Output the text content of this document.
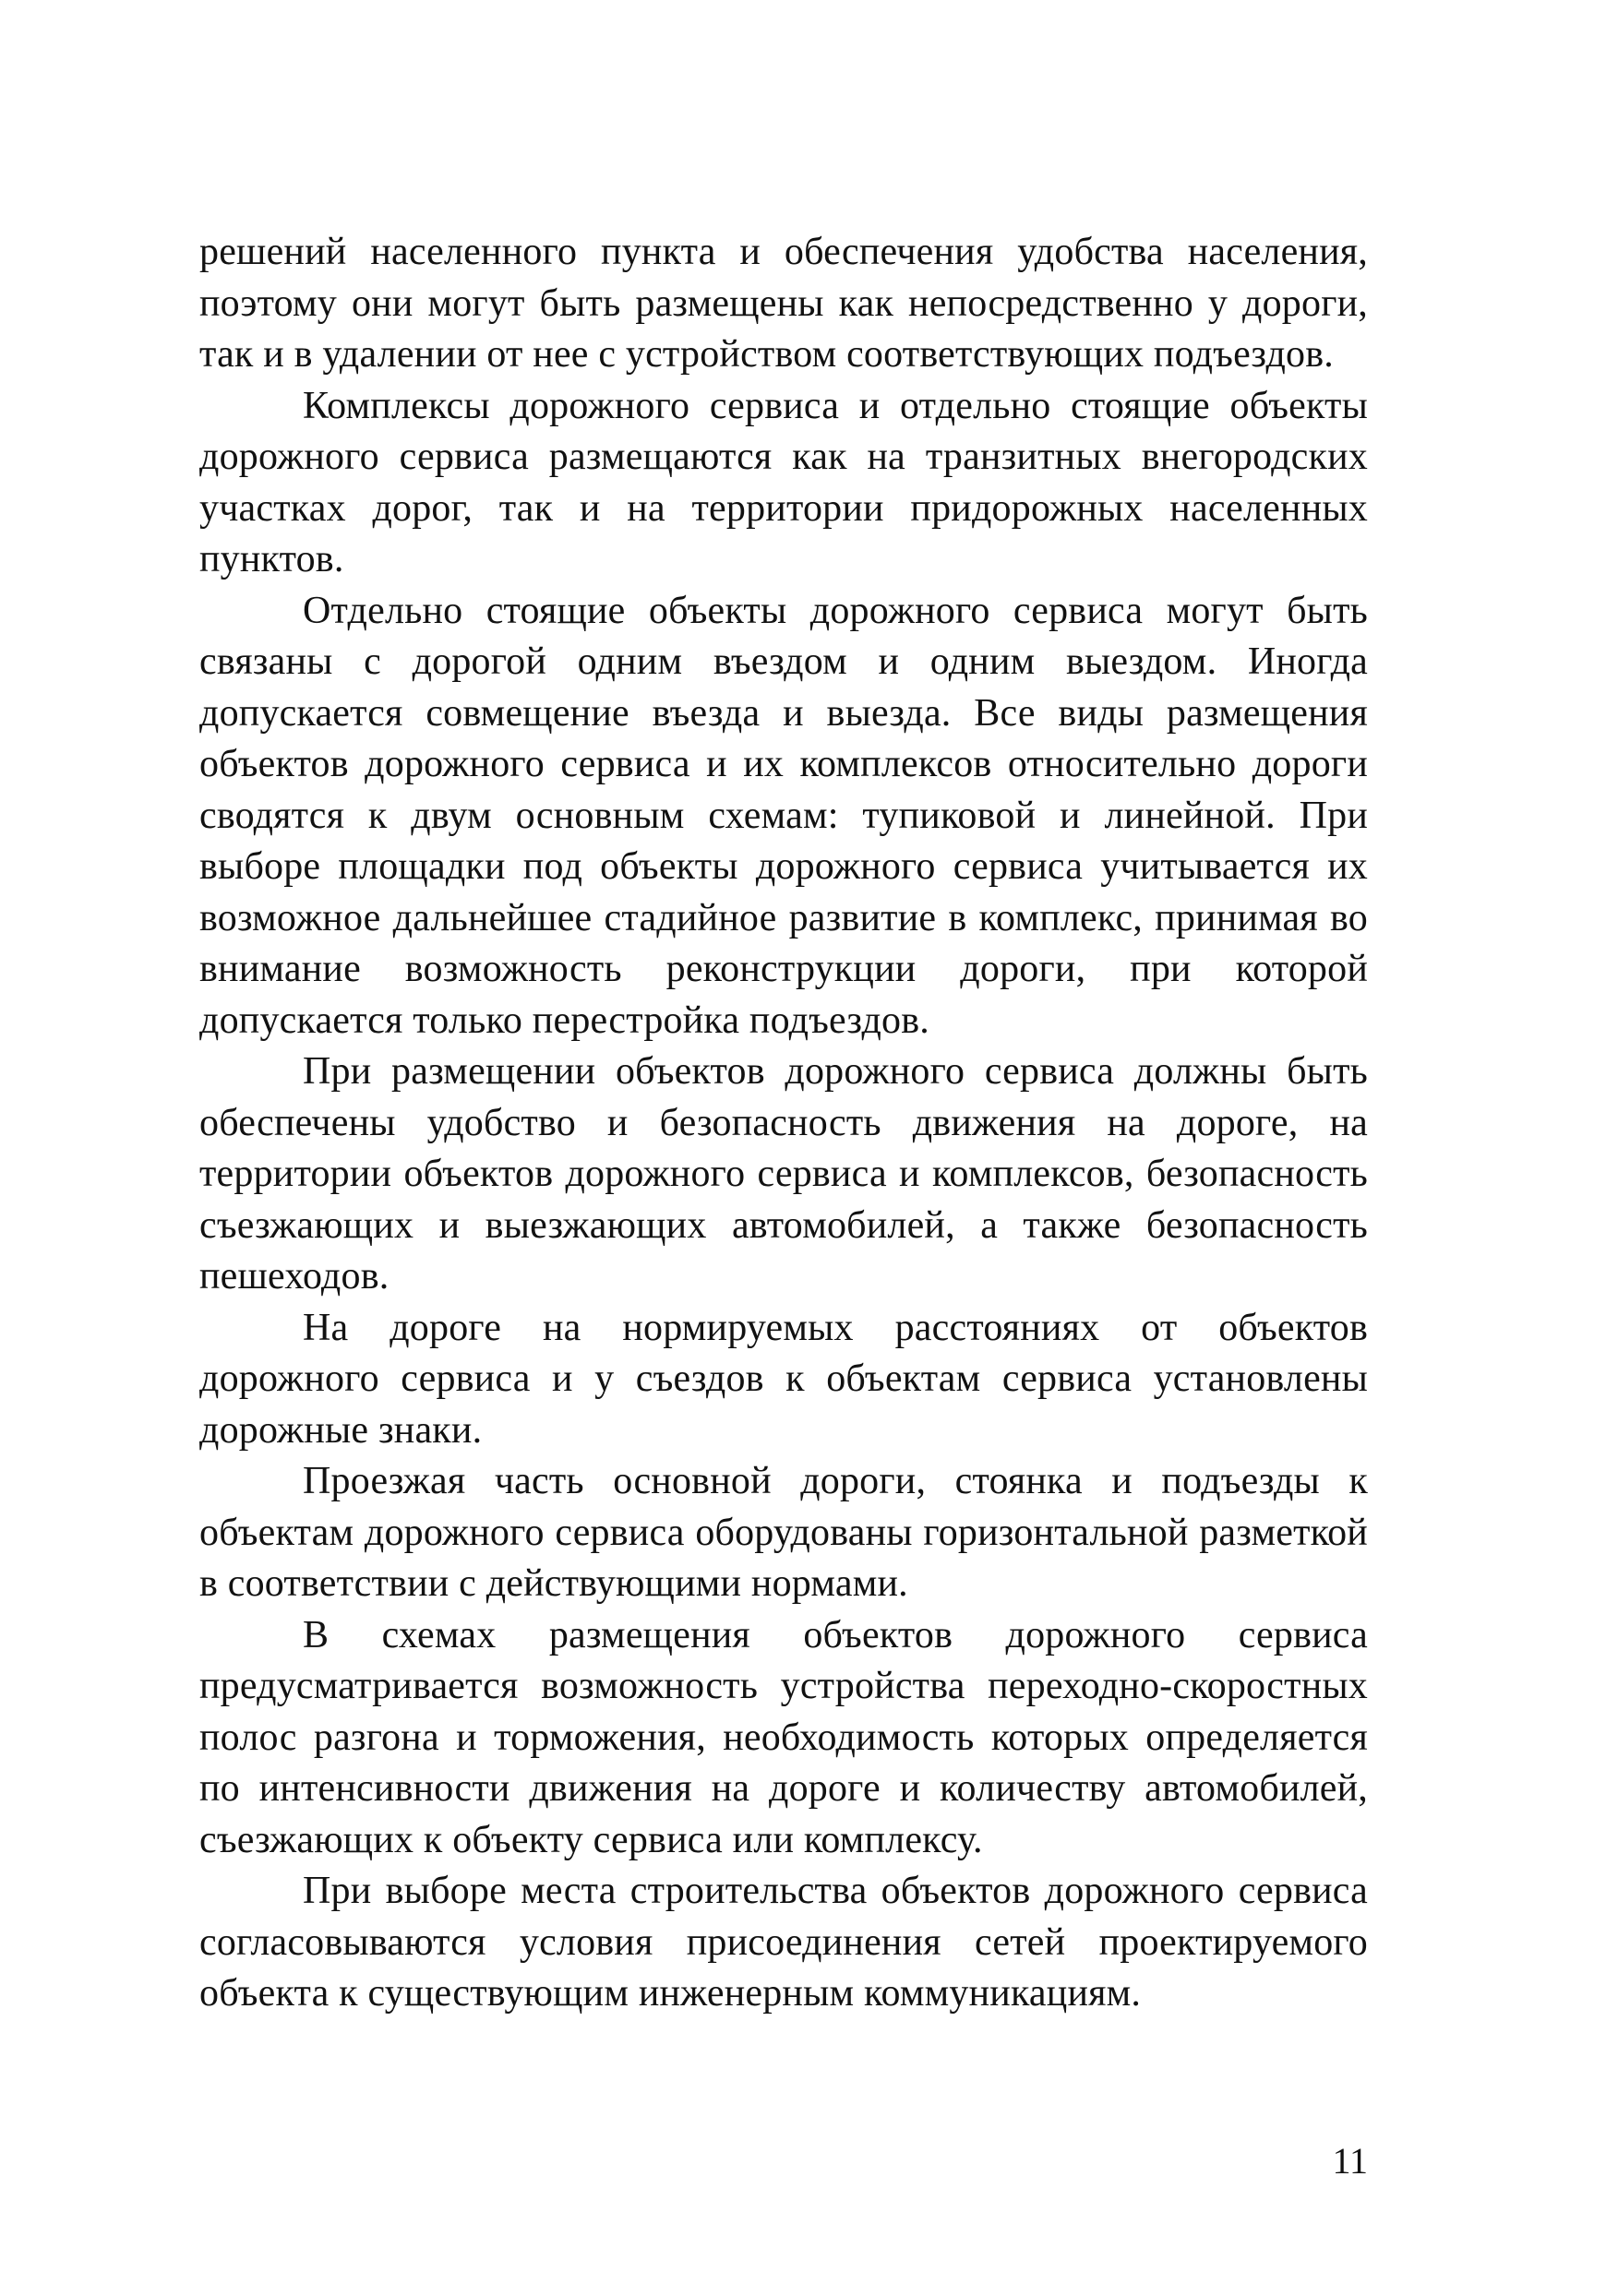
решений населенного пункта и обеспечения удобства населения, поэтому они могут быть размещены как непосредственно у дороги, так и в удалении от нее с устройством соответствующих подъездов.

Комплексы дорожного сервиса и отдельно стоящие объекты дорожного сервиса размещаются как на транзитных внегородских участках дорог, так и на территории придорожных населенных пунктов.

Отдельно стоящие объекты дорожного сервиса могут быть связаны с дорогой одним въездом и одним выездом. Иногда допускается совмещение въезда и выезда. Все виды размещения объектов дорожного сервиса и их комплексов относительно дороги сводятся к двум основным схемам: тупиковой и линейной. При выборе площадки под объекты дорожного сервиса учитывается их возможное дальнейшее стадийное развитие в комплекс, принимая во внимание возможность реконструкции дороги, при которой допускается только перестройка подъездов.

При размещении объектов дорожного сервиса должны быть обеспечены удобство и безопасность движения на дороге, на территории объектов дорожного сервиса и комплексов, безопасность съезжающих и выезжающих автомобилей, а также безопасность пешеходов.

На дороге на нормируемых расстояниях от объектов дорожного сервиса и у съездов к объектам сервиса установлены дорожные знаки.

Проезжая часть основной дороги, стоянка и подъезды к объектам дорожного сервиса оборудованы горизонтальной разметкой в соответствии с действующими нормами.

В схемах размещения объектов дорожного сервиса предусматривается возможность устройства переходно-скоростных полос разгона и торможения, необходимость которых определяется по интенсивности движения на дороге и количеству автомобилей, съезжающих к объекту сервиса или комплексу.

При выборе места строительства объектов дорожного сервиса согласовываются условия присоединения сетей проектируемого объекта к существующим инженерным коммуникациям.

11
